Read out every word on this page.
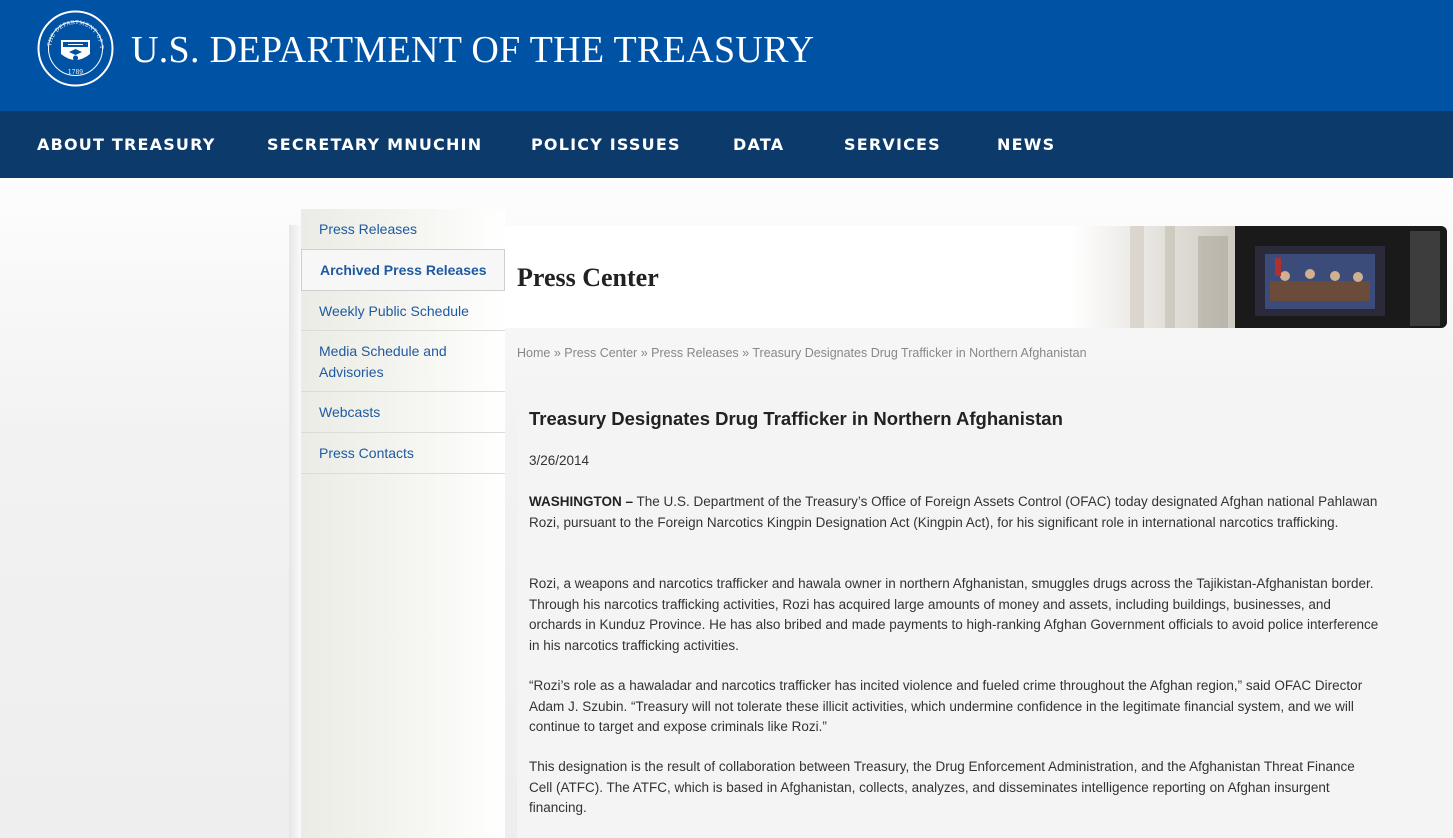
THE DEPARTMENT OF T
1789
U.S. DEPARTMENT OF THE TREASURY
ABOUT TREASURY	SECRETARY MNUCHIN	POLICY ISSUES	DATA	SERVICES	NEWS
Press Releases
Archived Press Releases
Weekly Public Schedule
Media Schedule and Advisories
Webcasts
Press Contacts
Press Center
Home » Press Center » Press Releases » Treasury Designates Drug Trafficker in Northern Afghanistan
Treasury Designates Drug Trafficker in Northern Afghanistan
3/26/2014

WASHINGTON – The U.S. Department of the Treasury’s Office of Foreign Assets Control (OFAC) today designated Afghan national Pahlawan Rozi, pursuant to the Foreign Narcotics Kingpin Designation Act (Kingpin Act), for his significant role in international narcotics trafficking.

Rozi, a weapons and narcotics trafficker and hawala owner in northern Afghanistan, smuggles drugs across the Tajikistan-Afghanistan border. Through his narcotics trafficking activities, Rozi has acquired large amounts of money and assets, including buildings, businesses, and orchards in Kunduz Province. He has also bribed and made payments to high-ranking Afghan Government officials to avoid police interference in his narcotics trafficking activities.

“Rozi’s role as a hawaladar and narcotics trafficker has incited violence and fueled crime throughout the Afghan region,” said OFAC Director Adam J. Szubin. “Treasury will not tolerate these illicit activities, which undermine confidence in the legitimate financial system, and we will continue to target and expose criminals like Rozi.”

This designation is the result of collaboration between Treasury, the Drug Enforcement Administration, and the Afghanistan Threat Finance Cell (ATFC). The ATFC, which is based in Afghanistan, collects, analyzes, and disseminates intelligence reporting on Afghan insurgent financing.
